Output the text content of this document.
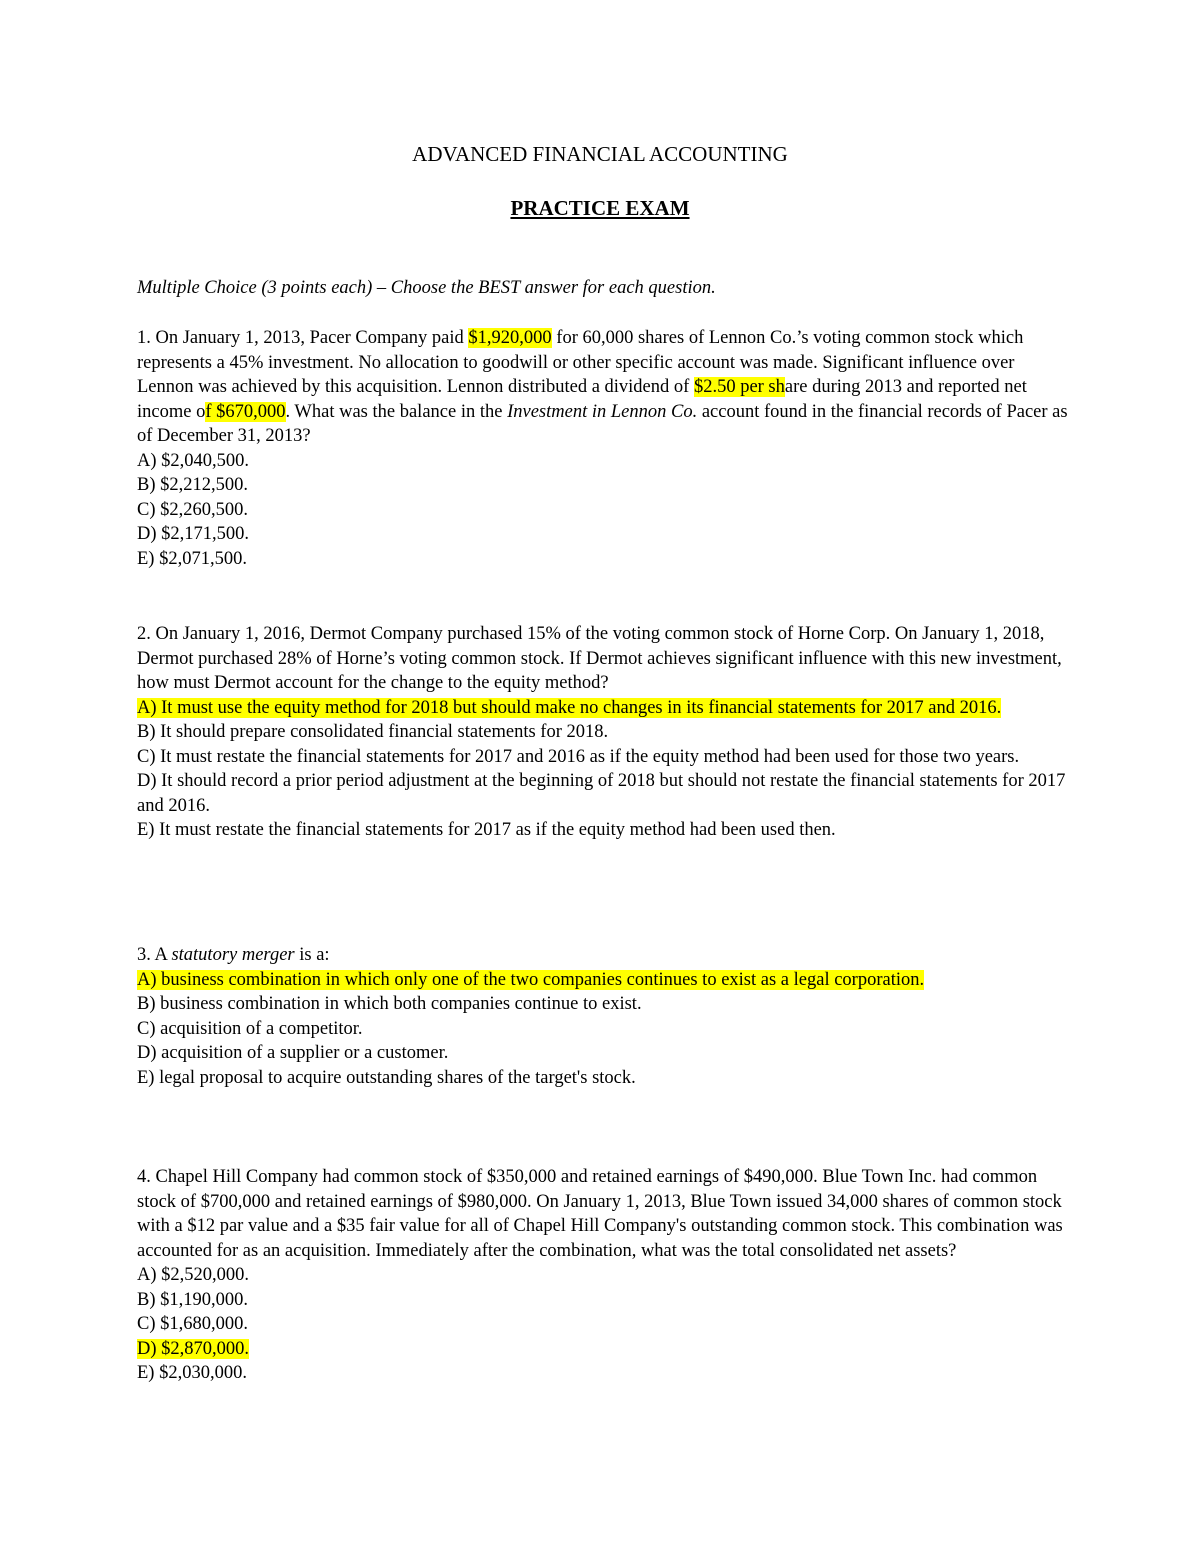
ADVANCED FINANCIAL ACCOUNTING
PRACTICE EXAM
Multiple Choice (3 points each) – Choose the BEST answer for each question.

1. On January 1, 2013, Pacer Company paid $1,920,000 for 60,000 shares of Lennon Co.’s voting common stock which represents a 45% investment. No allocation to goodwill or other specific account was made. Significant influence over Lennon was achieved by this acquisition. Lennon distributed a dividend of $2.50 per share during 2013 and reported net income of $670,000. What was the balance in the Investment in Lennon Co. account found in the financial records of Pacer as of December 31, 2013?

A) $2,040,500.
B) $2,212,500.
C) $2,260,500.
D) $2,171,500.
E) $2,071,500.

2. On January 1, 2016, Dermot Company purchased 15% of the voting common stock of Horne Corp. On January 1, 2018, Dermot purchased 28% of Horne’s voting common stock. If Dermot achieves significant influence with this new investment, how must Dermot account for the change to the equity method?

A) It must use the equity method for 2018 but should make no changes in its financial statements for 2017 and 2016.

B) It should prepare consolidated financial statements for 2018.
C) It must restate the financial statements for 2017 and 2016 as if the equity method had been used for those two years.
D) It should record a prior period adjustment at the beginning of 2018 but should not restate the financial statements for 2017 and 2016.
E) It must restate the financial statements for 2017 as if the equity method had been used then.

3. A statutory merger is a:

A) business combination in which only one of the two companies continues to exist as a legal corporation.

B) business combination in which both companies continue to exist.
C) acquisition of a competitor.
D) acquisition of a supplier or a customer.
E) legal proposal to acquire outstanding shares of the target's stock.

4. Chapel Hill Company had common stock of $350,000 and retained earnings of $490,000. Blue Town Inc. had common stock of $700,000 and retained earnings of $980,000. On January 1, 2013, Blue Town issued 34,000 shares of common stock with a $12 par value and a $35 fair value for all of Chapel Hill Company's outstanding common stock. This combination was accounted for as an acquisition. Immediately after the combination, what was the total consolidated net assets?

A) $2,520,000.
B) $1,190,000.
C) $1,680,000.
D) $2,870,000.
E) $2,030,000.
